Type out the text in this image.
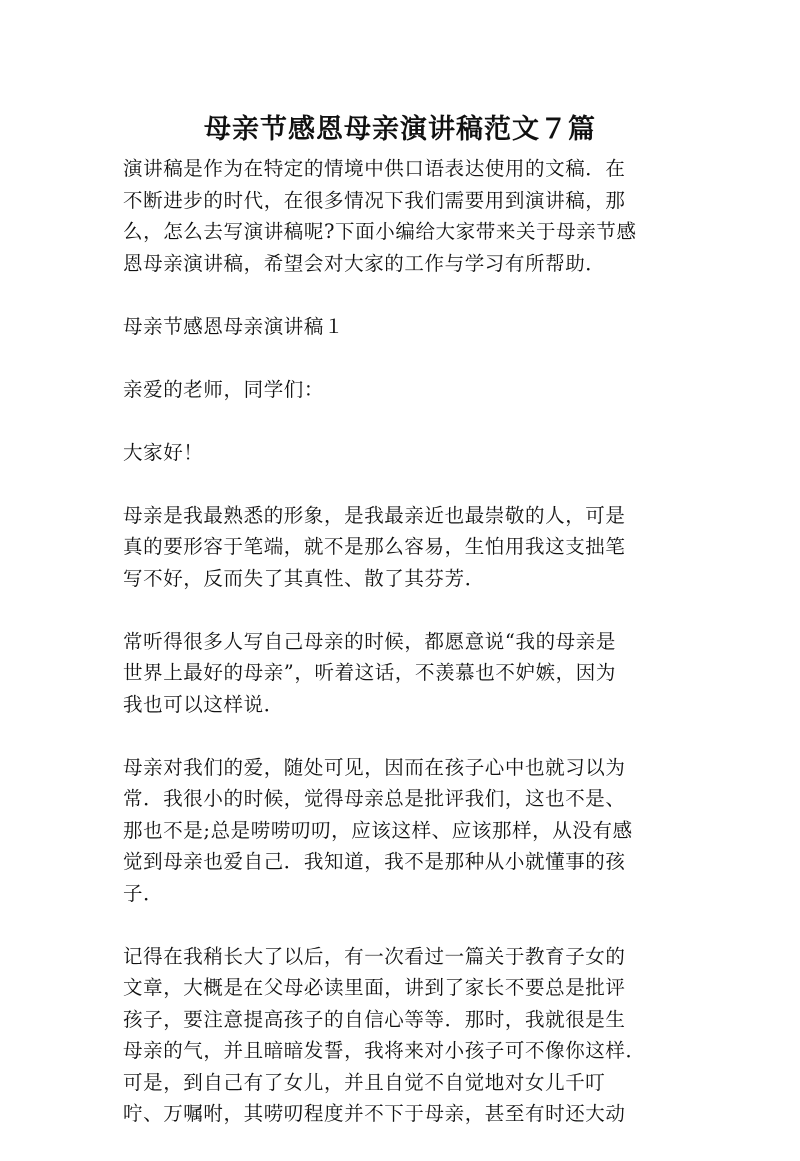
母亲节感恩母亲演讲稿范文７篇
演讲稿是作为在特定的情境中供口语表达使用的文稿．在
不断进步的时代，在很多情况下我们需要用到演讲稿，那
么，怎么去写演讲稿呢?下面小编给大家带来关于母亲节感
恩母亲演讲稿，希望会对大家的工作与学习有所帮助．
母亲节感恩母亲演讲稿１
亲爱的老师，同学们：
大家好！
母亲是我最熟悉的形象，是我最亲近也最崇敬的人，可是
真的要形容于笔端，就不是那么容易，生怕用我这支拙笔
写不好，反而失了其真性、散了其芬芳．
常听得很多人写自己母亲的时候，都愿意说“我的母亲是
世界上最好的母亲”，听着这话，不羡慕也不妒嫉，因为
我也可以这样说．
母亲对我们的爱，随处可见，因而在孩子心中也就习以为
常．我很小的时候，觉得母亲总是批评我们，这也不是、
那也不是;总是唠唠叨叨，应该这样、应该那样，从没有感
觉到母亲也爱自己．我知道，我不是那种从小就懂事的孩
子．
记得在我稍长大了以后，有一次看过一篇关于教育子女的
文章，大概是在父母必读里面，讲到了家长不要总是批评
孩子，要注意提高孩子的自信心等等．那时，我就很是生
母亲的气，并且暗暗发誓，我将来对小孩子可不像你这样．
可是，到自己有了女儿，并且自觉不自觉地对女儿千叮
咛、万嘱咐，其唠叨程度并不下于母亲，甚至有时还大动
